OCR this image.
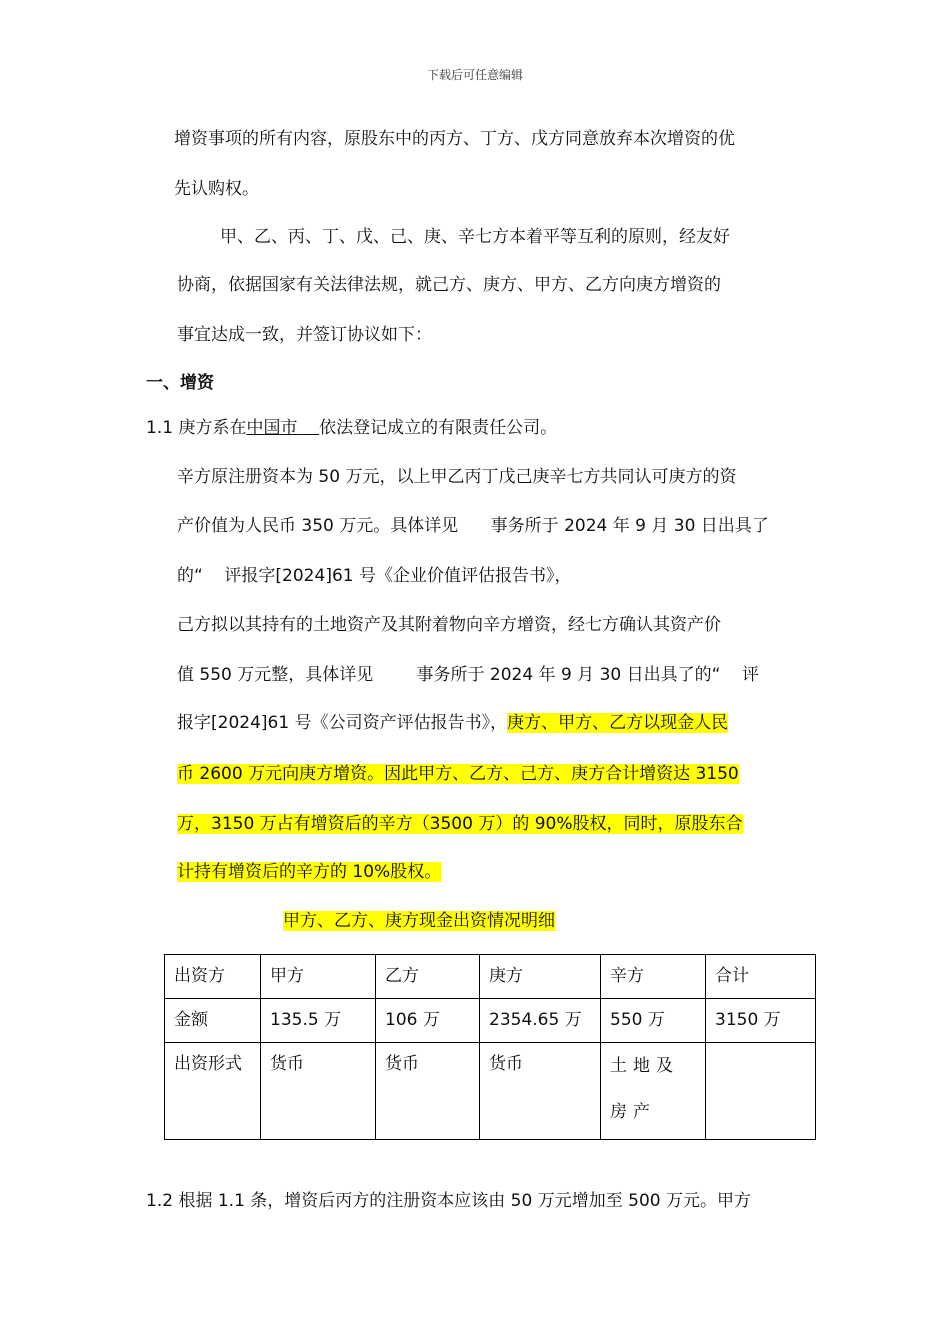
下载后可任意编辑
增资事项的所有内容，原股东中的丙方、丁方、戊方同意放弃本次增资的优
先认购权。
甲、乙、丙、丁、戊、己、庚、辛七方本着平等互利的原则，经友好
协商，依据国家有关法律法规，就己方、庚方、甲方、乙方向庚方增资的
事宜达成一致，并签订协议如下：
一、增资
1.1 庚方系在中国市 依法登记成立的有限责任公司。
辛方原注册资本为 50 万元，以上甲乙丙丁戊己庚辛七方共同认可庚方的资
产价值为人民币 350 万元。具体详见      事务所于 2024 年 9 月 30 日出具了
的“    评报字[2024]61 号《企业价值评估报告书》，
己方拟以其持有的土地资产及其附着物向辛方增资，经七方确认其资产价
值 550 万元整，具体详见        事务所于 2024 年 9 月 30 日出具了的“    评
报字[2024]61 号《公司资产评估报告书》，庚方、甲方、乙方以现金人民
币 2600 万元向庚方增资。因此甲方、乙方、己方、庚方合计增资达 3150
万，3150 万占有增资后的辛方（3500 万）的 90%股权，同时，原股东合
计持有增资后的辛方的 10%股权。
甲方、乙方、庚方现金出资情况明细
出资方	甲方	乙方	庚方	辛方	合计
金额	135.5 万	106 万	2354.65 万	550 万	3150 万
出资形式	货币	货币	货币	土地及房产	
1.2 根据 1.1 条，增资后丙方的注册资本应该由 50 万元增加至 500 万元。甲方
